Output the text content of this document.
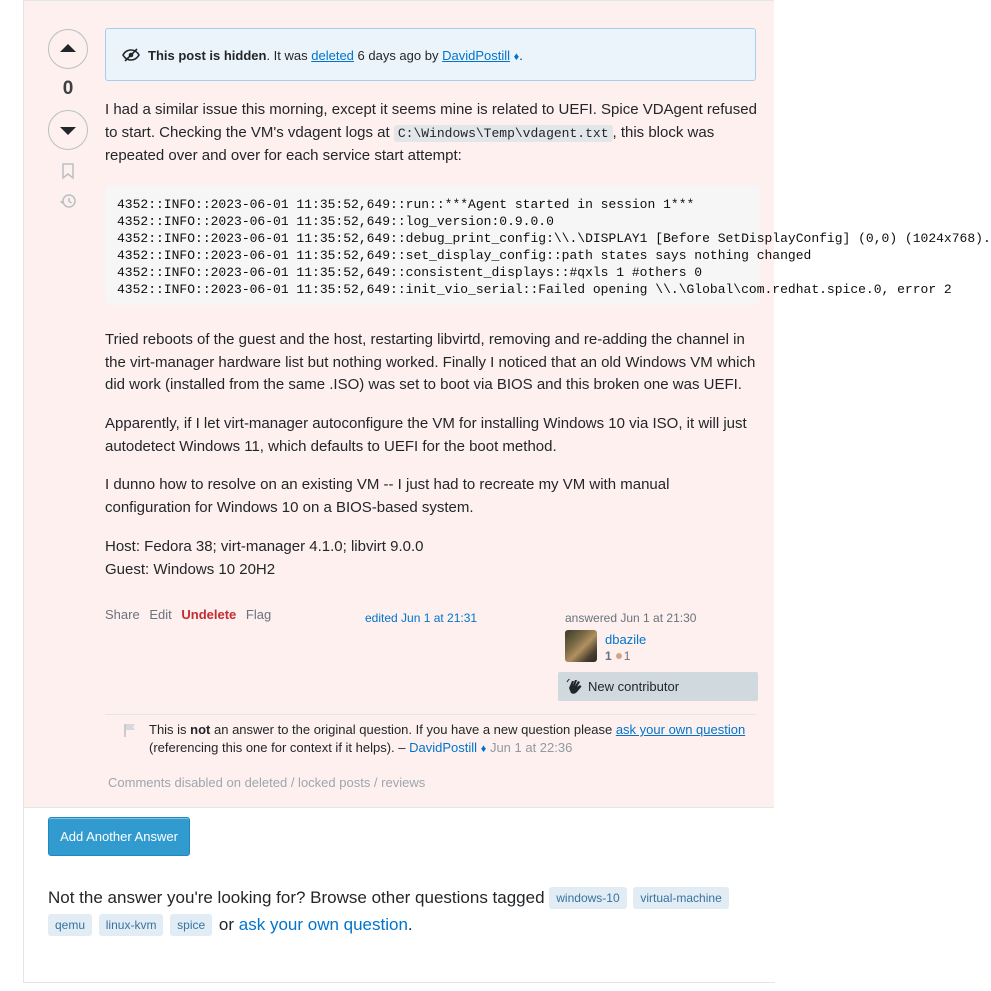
0
This post is hidden. It was deleted 6 days ago by DavidPostill ♦.

I had a similar issue this morning, except it seems mine is related to UEFI. Spice VDAgent refused to start. Checking the VM's vdagent logs at C:\Windows\Temp\vdagent.txt , this block was repeated over and over for each service start attempt:

4352::INFO::2023-06-01 11:35:52,649::run::***Agent started in session 1***
4352::INFO::2023-06-01 11:35:52,649::log_version:0.9.0.0
4352::INFO::2023-06-01 11:35:52,649::debug_print_config:\\.\DISPLAY1 [Before SetDisplayConfig] (0,0) (1024x768).
4352::INFO::2023-06-01 11:35:52,649::set_display_config::path states says nothing changed
4352::INFO::2023-06-01 11:35:52,649::consistent_displays::#qxls 1 #others 0
4352::INFO::2023-06-01 11:35:52,649::init_vio_serial::Failed opening \\.\Global\com.redhat.spice.0, error 2

Tried reboots of the guest and the host, restarting libvirtd, removing and re-adding the channel in the virt-manager hardware list but nothing worked. Finally I noticed that an old Windows VM which did work (installed from the same .ISO) was set to boot via BIOS and this broken one was UEFI.

Apparently, if I let virt-manager autoconfigure the VM for installing Windows 10 via ISO, it will just autodetect Windows 11, which defaults to UEFI for the boot method.

I dunno how to resolve on an existing VM -- I just had to recreate my VM with manual configuration for Windows 10 on a BIOS-based system.

Host: Fedora 38; virt-manager 4.1.0; libvirt 9.0.0
Guest: Windows 10 20H2

Share Edit Undelete Flag	edited Jun 1 at 21:31	answered Jun 1 at 21:30
dbazile
1 1
New contributor
This is not an answer to the original question. If you have a new question please ask your own question (referencing this one for context if it helps). – DavidPostill ♦ Jun 1 at 22:36
Comments disabled on deleted / locked posts / reviews
Add Another Answer
Not the answer you're looking for? Browse other questions tagged windows-10 virtual-machine
qemu linux-kvm spice or ask your own question.
